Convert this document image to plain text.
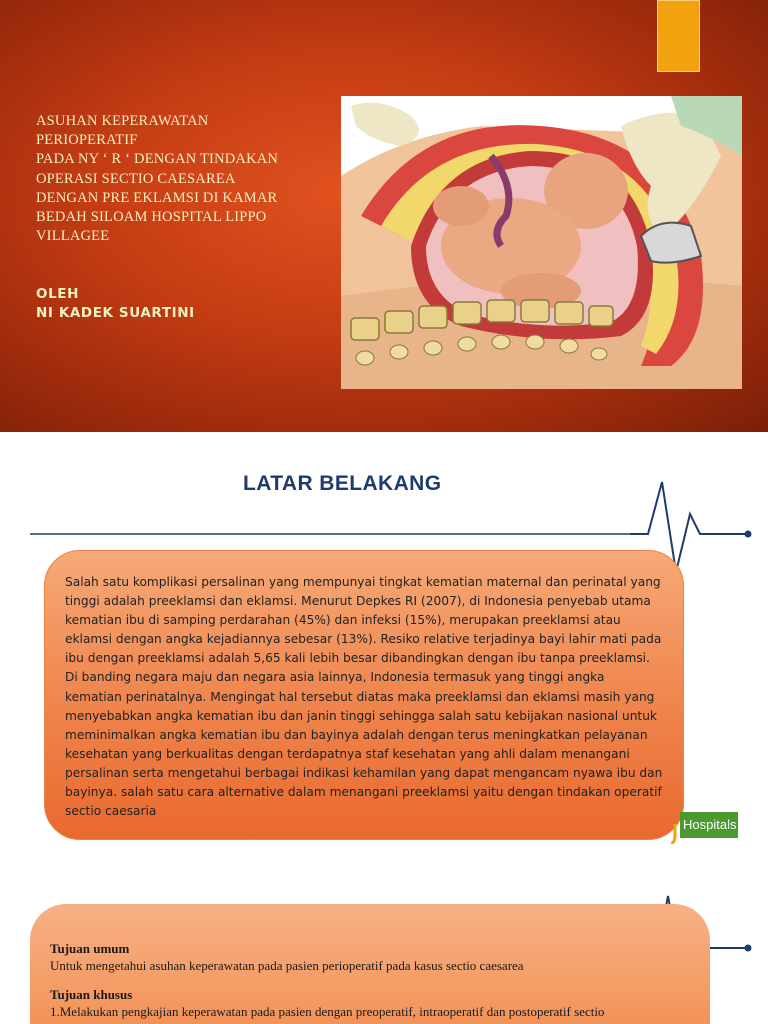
ASUHAN KEPERAWATAN
PERIOPERATIF
PADA NY ‘ R ‘ DENGAN TINDAKAN
OPERASI SECTIO CAESAREA
DENGAN PRE EKLAMSI DI KAMAR
BEDAH SILOAM HOSPITAL LIPPO
VILLAGEE
OLEH
NI KADEK SUARTINI
LATAR BELAKANG

Salah satu komplikasi persalinan yang mempunyai tingkat kematian maternal dan perinatal yang tinggi adalah preeklamsi dan eklamsi. Menurut Depkes RI (2007), di Indonesia penyebab utama kematian ibu di samping perdarahan (45%) dan infeksi (15%), merupakan preeklamsi atau eklamsi dengan angka kejadiannya sebesar (13%). Resiko relative terjadinya bayi lahir mati pada ibu dengan preeklamsi adalah 5,65 kali lebih besar dibandingkan dengan ibu tanpa preeklamsi. Di banding negara maju dan negara asia lainnya, Indonesia termasuk yang tinggi angka kematian perinatalnya. Mengingat hal tersebut diatas maka preeklamsi dan eklamsi masih yang menyebabkan angka kematian ibu dan janin tinggi sehingga salah satu kebijakan nasional untuk meminimalkan angka kematian ibu dan bayinya adalah dengan terus meningkatkan pelayanan kesehatan yang berkualitas dengan terdapatnya staf kesehatan yang ahli dalam menangani persalinan serta mengetahui berbagai indikasi kehamilan yang dapat mengancam nyawa ibu dan bayinya. salah satu cara alternative dalam menangani preeklamsi yaitu dengan tindakan operatif sectio caesaria

Hospitals
Tujuan umum
Untuk mengetahui asuhan keperawatan pada pasien perioperatif pada kasus sectio caesarea
Tujuan khusus
1.Melakukan pengkajian keperawatan pada pasien dengan preoperatif, intraoperatif dan postoperatif sectio
